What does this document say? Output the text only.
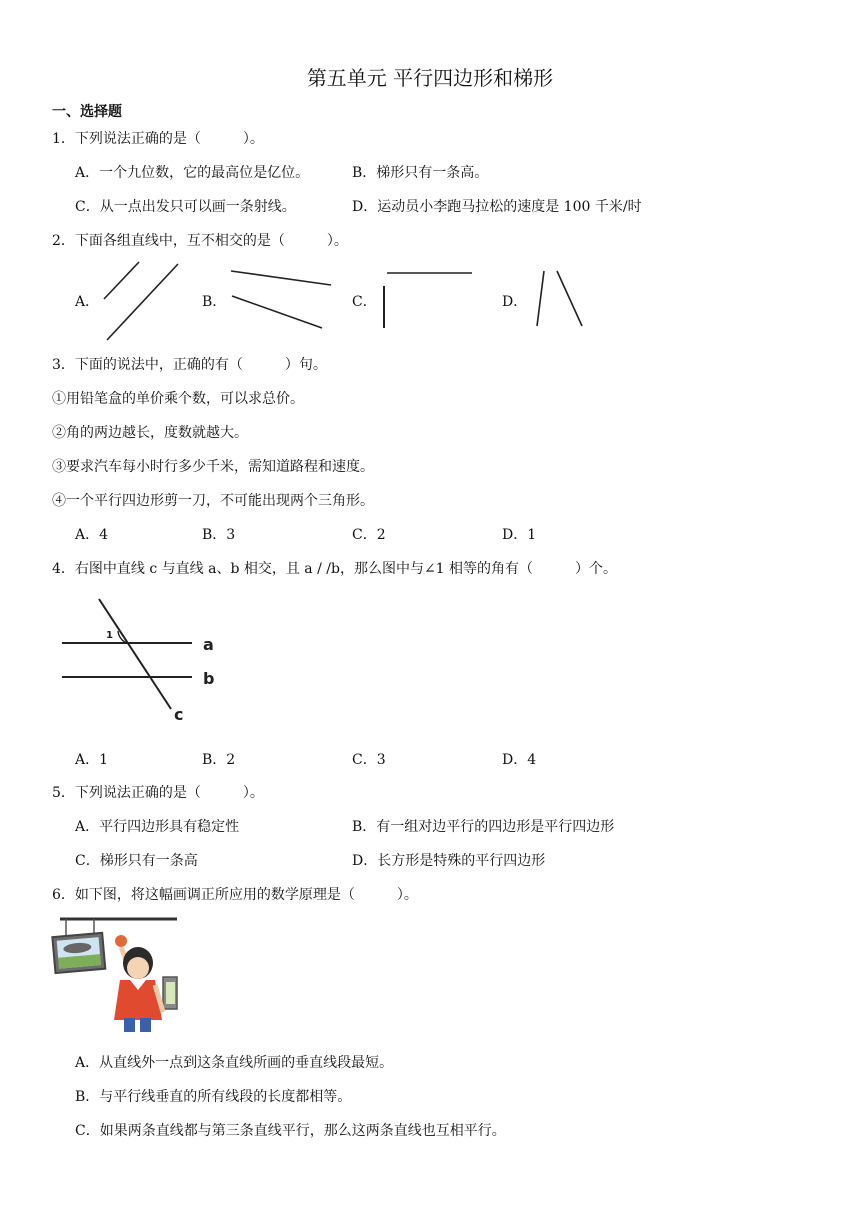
第五单元 平行四边形和梯形
一、选择题
1．下列说法正确的是（　　　）。
A．一个九位数，它的最高位是亿位。	B．梯形只有一条高。
C．从一点出发只可以画一条射线。	D．运动员小李跑马拉松的速度是 100 千米/时
2．下面各组直线中，互不相交的是（　　　）。
A．	B．	C．	D．
3．下面的说法中，正确的有（　　　）句。
①用铅笔盒的单价乘个数，可以求总价。
②角的两边越长，度数就越大。
③要求汽车每小时行多少千米，需知道路程和速度。
④一个平行四边形剪一刀，不可能出现两个三角形。
A．4	B．3	C．2	D．1
4．右图中直线 c 与直线 a、b 相交，且 a / /b，那么图中与∠1 相等的角有（　　　）个。
a
b
c
1
A．1	B．2	C．3	D．4
5．下列说法正确的是（　　　）。
A．平行四边形具有稳定性	B．有一组对边平行的四边形是平行四边形
C．梯形只有一条高	D．长方形是特殊的平行四边形
6．如下图，将这幅画调正所应用的数学原理是（　　　）。
A．从直线外一点到这条直线所画的垂直线段最短。
B．与平行线垂直的所有线段的长度都相等。
C．如果两条直线都与第三条直线平行，那么这两条直线也互相平行。
